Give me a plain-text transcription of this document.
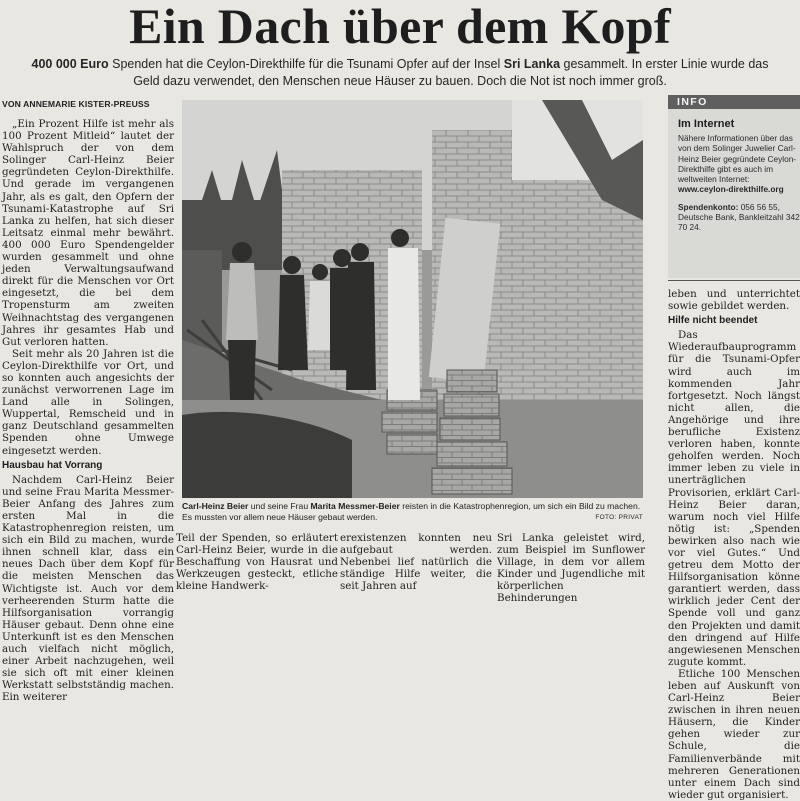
Ein Dach über dem Kopf
400 000 Euro Spenden hat die Ceylon-Direkthilfe für die Tsunami Opfer auf der Insel Sri Lanka gesammelt. In erster Linie wurde das Geld dazu verwendet, den Menschen neue Häuser zu bauen. Doch die Not ist noch immer groß.
VON ANNEMARIE KISTER-PREUSS

„Ein Prozent Hilfe ist mehr als 100 Prozent Mitleid“ lautet der Wahlspruch der von dem Solinger Carl-Heinz Beier gegründeten Ceylon-Direkthilfe. Und gerade im vergangenen Jahr, als es galt, den Opfern der Tsunami-Katastrophe auf Sri Lanka zu helfen, hat sich dieser Leitsatz einmal mehr bewährt. 400 000 Euro Spendengelder wurden gesammelt und ohne jeden Verwaltungsaufwand direkt für die Menschen vor Ort eingesetzt, die bei dem Tropensturm am zweiten Weihnachtstag des vergangenen Jahres ihr gesamtes Hab und Gut verloren hatten.

Seit mehr als 20 Jahren ist die Ceylon-Direkthilfe vor Ort, und so konnten auch angesichts der zunächst verworrenen Lage im Land alle in Solingen, Wuppertal, Remscheid und in ganz Deutschland gesammelten Spenden ohne Umwege eingesetzt werden.

Hausbau hat Vorrang

Nachdem Carl-Heinz Beier und seine Frau Marita Messmer-Beier Anfang des Jahres zum ersten Mal in die Katastrophenregion reisten, um sich ein Bild zu machen, wurde ihnen schnell klar, dass ein neues Dach über dem Kopf für die meisten Menschen das Wichtigste ist. Auch vor dem verheerenden Sturm hatte die Hilfsorganisation vorrangig Häuser gebaut. Denn ohne eine Unterkunft ist es den Menschen auch vielfach nicht möglich, einer Arbeit nachzugehen, weil sie sich oft mit einer kleinen Werkstatt selbstständig machen. Ein weiterer

Carl-Heinz Beier und seine Frau Marita Messmer-Beier reisten in die Katastrophenregion, um sich ein Bild zu machen. Es mussten vor allem neue Häuser gebaut werden.	FOTO: PRIVAT

Teil der Spenden, so erläutert Carl-Heinz Beier, wurde in die Beschaffung von Hausrat und Werkzeugen gesteckt, etliche kleine Handwerk-

erexistenzen konnten neu aufgebaut werden. Nebenbei lief natürlich die ständige Hilfe weiter, die seit Jahren auf

Sri Lanka geleistet wird, zum Beispiel im Sunflower Village, in dem vor allem Kinder und Jugendliche mit körperlichen Behinderungen

INFO
Im Internet

Nähere Informationen über das von dem Solinger Juwelier Carl-Heinz Beier gegründete Ceylon-Direkthilfe gibt es auch im weltweiten Internet:

www.ceylon-direkthilfe.org

Spendenkonto: 056 56 55, Deutsche Bank, Bankleitzahl 342 70 24.

leben und unterrichtet sowie gebildet werden.

Hilfe nicht beendet

Das Wiederaufbauprogramm für die Tsunami-Opfer wird auch im kommenden Jahr fortgesetzt. Noch längst nicht allen, die Angehörige und ihre berufliche Existenz verloren haben, konnte geholfen werden. Noch immer leben zu viele in unerträglichen Provisorien, erklärt Carl-Heinz Beier daran, warum noch viel Hilfe nötig ist: „Spenden bewirken also nach wie vor viel Gutes.“ Und getreu dem Motto der Hilfsorganisation könne garantiert werden, dass wirklich jeder Cent der Spende voll und ganz den Projekten und damit den dringend auf Hilfe angewiesenen Menschen zugute kommt.

Etliche 100 Menschen leben auf Auskunft von Carl-Heinz Beier zwischen in ihren neuen Häusern, die Kinder gehen wieder zur Schule, die Familienverbände mit mehreren Generationen unter einem Dach sind wieder gut organisiert.
